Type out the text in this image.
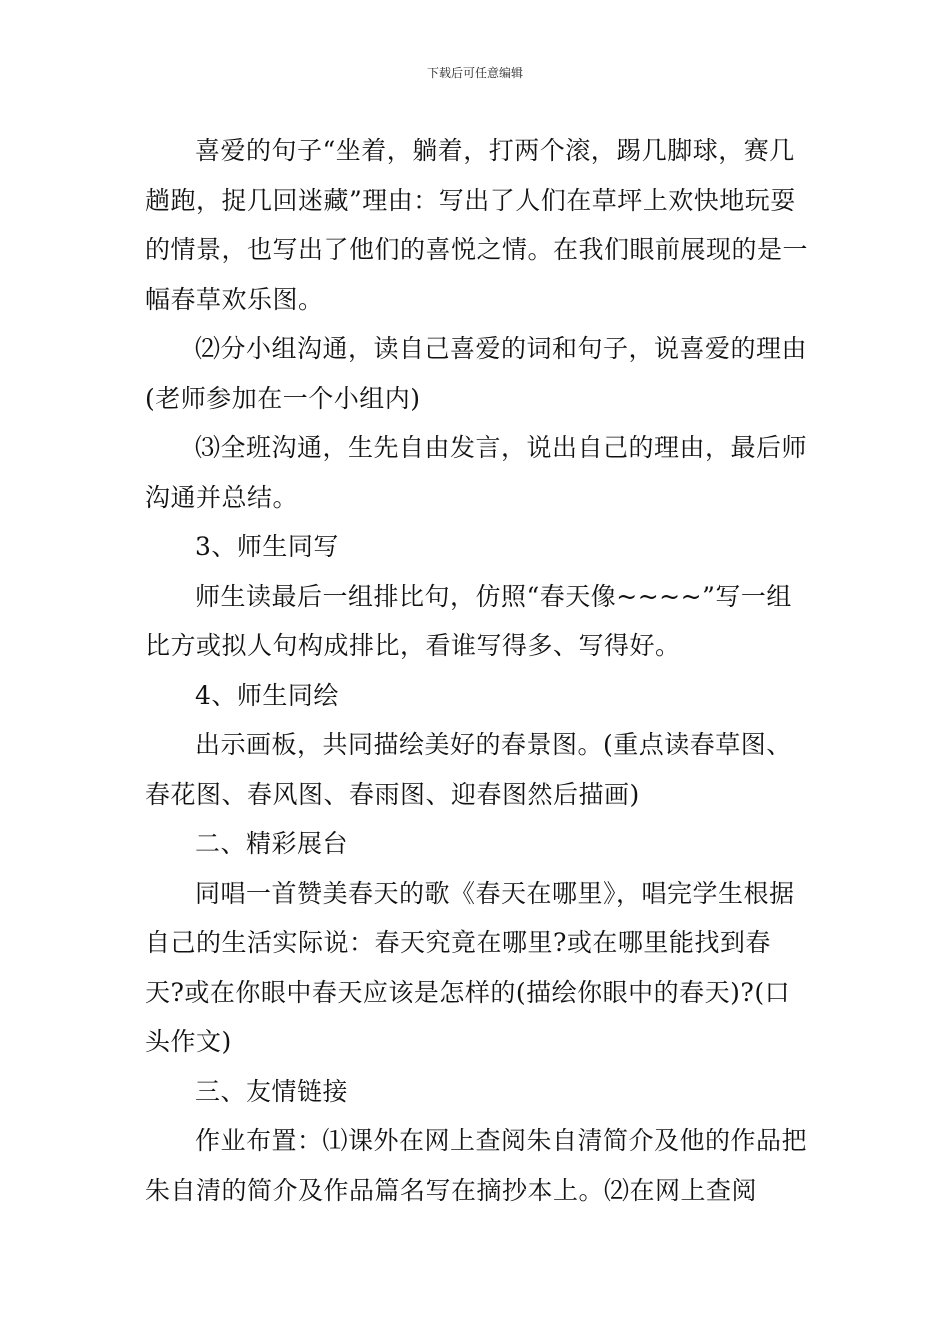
下载后可任意编辑

喜爱的句子“坐着，躺着，打两个滚，踢几脚球，赛几趟跑，捉几回迷藏”理由：写出了人们在草坪上欢快地玩耍的情景，也写出了他们的喜悦之情。在我们眼前展现的是一幅春草欢乐图。

⑵分小组沟通，读自己喜爱的词和句子，说喜爱的理由(老师参加在一个小组内)

⑶全班沟通，生先自由发言，说出自己的理由，最后师沟通并总结。

3、师生同写

师生读最后一组排比句，仿照“春天像~~~~”写一组比方或拟人句构成排比，看谁写得多、写得好。

4、师生同绘

出示画板，共同描绘美好的春景图。(重点读春草图、春花图、春风图、春雨图、迎春图然后描画)

二、精彩展台

同唱一首赞美春天的歌《春天在哪里》，唱完学生根据自己的生活实际说：春天究竟在哪里?或在哪里能找到春天?或在你眼中春天应该是怎样的(描绘你眼中的春天)?(口头作文)

三、友情链接

作业布置：⑴课外在网上查阅朱自清简介及他的作品把朱自清的简介及作品篇名写在摘抄本上。⑵在网上查阅
